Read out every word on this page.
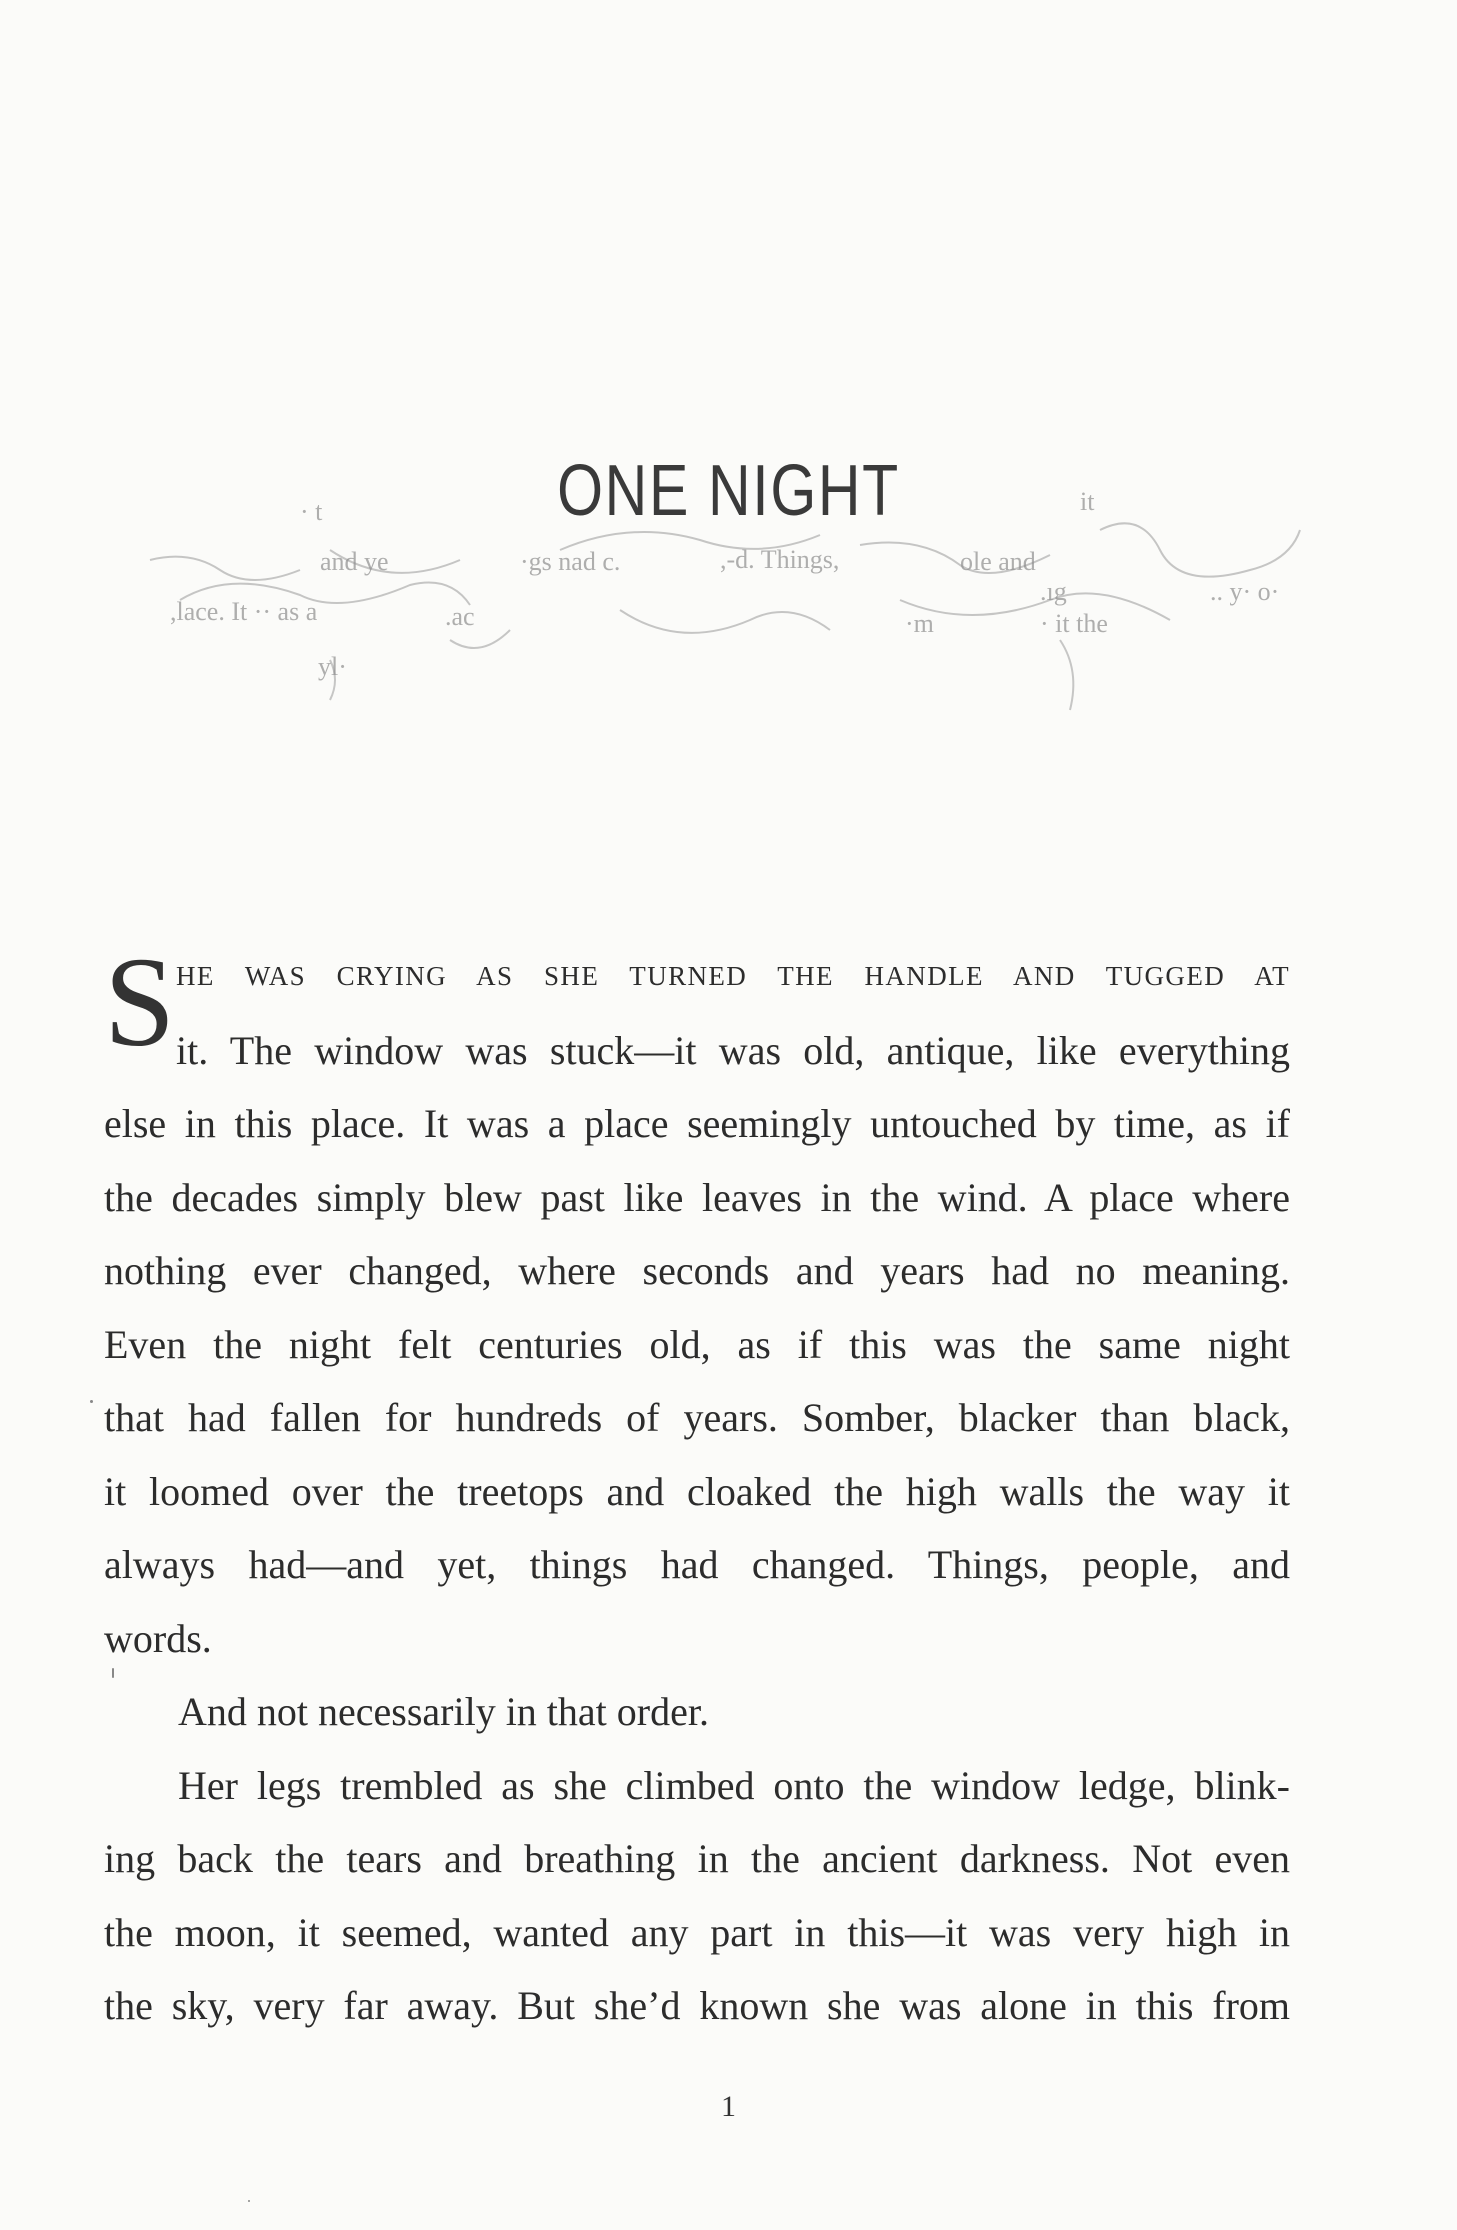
ONE NIGHT
· t
and ye	·gs nad c.	,-d. Things,	ole and
,lace. It ·· as a	.ac	·m	· it the
.. y· o·
.ıg
yl·
it
S HE WAS CRYING AS SHE TURNED THE HANDLE AND TUGGED AT
it. The window was stuck—it was old, antique, like everything

else in this place. It was a place seemingly untouched by time, as if
the decades simply blew past like leaves in the wind. A place where
nothing ever changed, where seconds and years had no meaning.
Even the night felt centuries old, as if this was the same night
that had fallen for hundreds of years. Somber, blacker than black,
it loomed over the treetops and cloaked the high walls the way it
always had—and yet, things had changed. Things, people, and
words.

And not necessarily in that order.

Her legs trembled as she climbed onto the window ledge, blink-
ing back the tears and breathing in the ancient darkness. Not even
the moon, it seemed, wanted any part in this—it was very high in
the sky, very far away. But she’d known she was alone in this from

1
